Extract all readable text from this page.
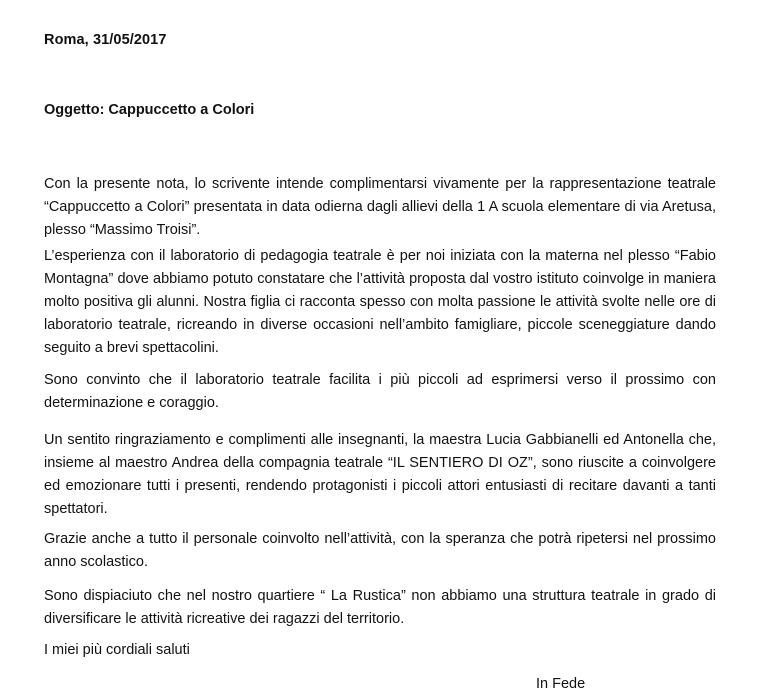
Roma, 31/05/2017
Oggetto: Cappuccetto a Colori

Con la presente nota, lo scrivente intende complimentarsi vivamente per la rappresentazione teatrale “Cappuccetto a Colori” presentata in data odierna dagli allievi della 1 A scuola elementare di via Aretusa, plesso “Massimo Troisi”.

L’esperienza con il laboratorio di pedagogia teatrale è per noi iniziata con la materna nel plesso “Fabio Montagna” dove abbiamo potuto constatare che l’attività proposta dal vostro istituto coinvolge in maniera molto positiva gli alunni. Nostra figlia ci racconta spesso con molta passione le attività svolte nelle ore di laboratorio teatrale, ricreando in diverse occasioni nell’ambito famigliare, piccole sceneggiature dando seguito a brevi spettacolini.

Sono convinto che il laboratorio teatrale facilita i più piccoli ad esprimersi verso il prossimo con determinazione e coraggio.

Un sentito ringraziamento e complimenti alle insegnanti, la maestra Lucia Gabbianelli ed Antonella che, insieme al maestro Andrea della compagnia teatrale “IL SENTIERO DI OZ”, sono riuscite a coinvolgere ed emozionare tutti i presenti, rendendo protagonisti i piccoli attori entusiasti di recitare davanti a tanti spettatori.

Grazie anche a tutto il personale coinvolto nell’attività, con la speranza che potrà ripetersi nel prossimo anno scolastico.

Sono dispiaciuto che nel nostro quartiere “ La Rustica” non abbiamo una struttura teatrale in grado di diversificare le attività ricreative dei ragazzi del territorio.

I miei più cordiali saluti
In Fede
